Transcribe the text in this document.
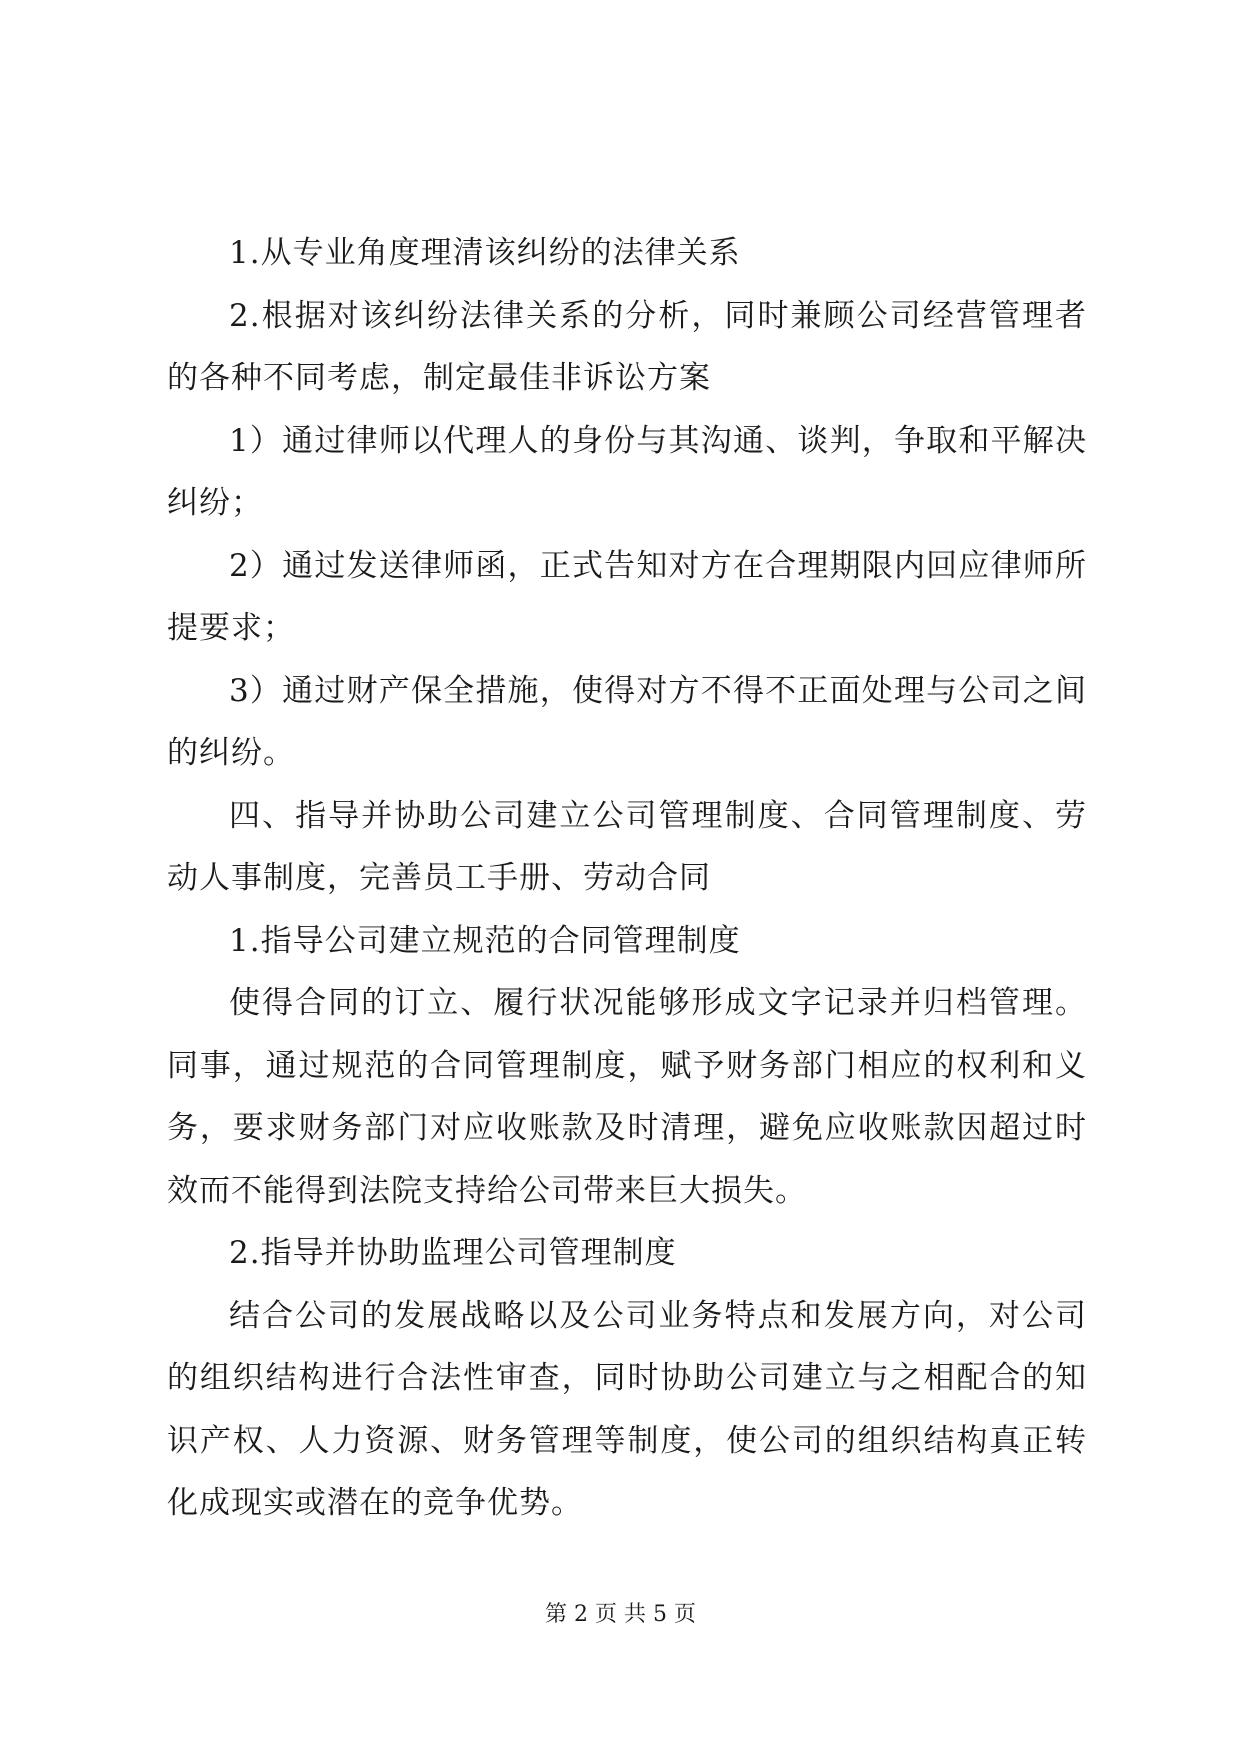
1.从专业角度理清该纠纷的法律关系

2.根据对该纠纷法律关系的分析，同时兼顾公司经营管理者的各种不同考虑，制定最佳非诉讼方案

1）通过律师以代理人的身份与其沟通、谈判，争取和平解决纠纷；

2）通过发送律师函，正式告知对方在合理期限内回应律师所提要求；

3）通过财产保全措施，使得对方不得不正面处理与公司之间的纠纷。

四、指导并协助公司建立公司管理制度、合同管理制度、劳动人事制度，完善员工手册、劳动合同

1.指导公司建立规范的合同管理制度

使得合同的订立、履行状况能够形成文字记录并归档管理。同事，通过规范的合同管理制度，赋予财务部门相应的权利和义务，要求财务部门对应收账款及时清理，避免应收账款因超过时效而不能得到法院支持给公司带来巨大损失。

2.指导并协助监理公司管理制度

结合公司的发展战略以及公司业务特点和发展方向，对公司的组织结构进行合法性审查，同时协助公司建立与之相配合的知识产权、人力资源、财务管理等制度，使公司的组织结构真正转化成现实或潜在的竞争优势。

第 2 页 共 5 页
